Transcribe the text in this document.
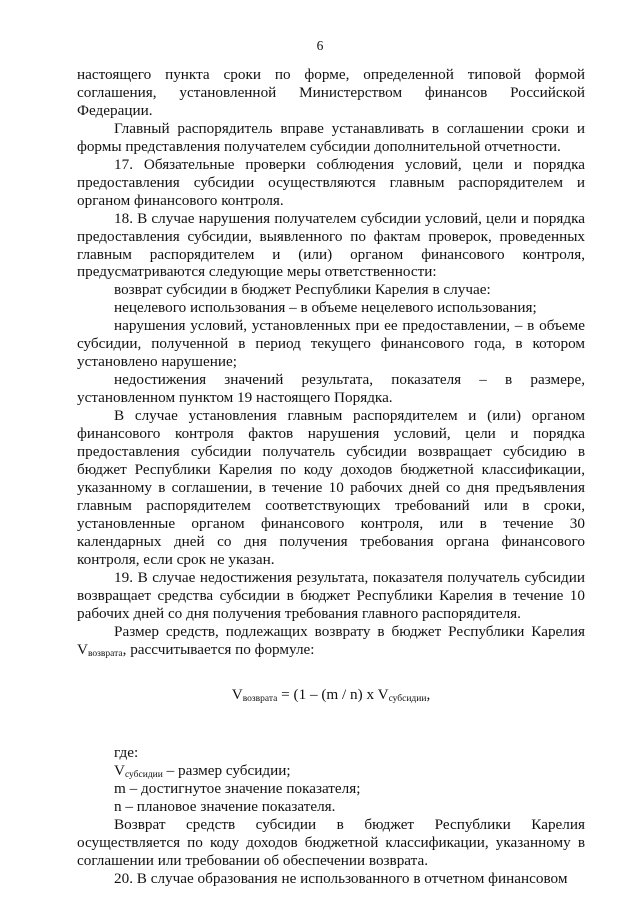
6

настоящего пункта сроки по форме, определенной типовой формой соглашения, установленной Министерством финансов Российской Федерации.

Главный распорядитель вправе устанавливать в соглашении сроки и формы представления получателем субсидии дополнительной отчетности.

17. Обязательные проверки соблюдения условий, цели и порядка предоставления субсидии осуществляются главным распорядителем и органом финансового контроля.

18. В случае нарушения получателем субсидии условий, цели и порядка предоставления субсидии, выявленного по фактам проверок, проведенных главным распорядителем и (или) органом финансового контроля, предусматриваются следующие меры ответственности:

возврат субсидии в бюджет Республики Карелия в случае:

нецелевого использования – в объеме нецелевого использования;

нарушения условий, установленных при ее предоставлении, – в объеме субсидии, полученной в период текущего финансового года, в котором установлено нарушение;

недостижения значений результата, показателя – в размере, установленном пунктом 19 настоящего Порядка.

В случае установления главным распорядителем и (или) органом финансового контроля фактов нарушения условий, цели и порядка предоставления субсидии получатель субсидии возвращает субсидию в бюджет Республики Карелия по коду доходов бюджетной классификации, указанному в соглашении, в течение 10 рабочих дней со дня предъявления главным распорядителем соответствующих требований или в сроки, установленные органом финансового контроля, или в течение 30 календарных дней со дня получения требования органа финансового контроля, если срок не указан.

19. В случае недостижения результата, показателя получатель субсидии возвращает средства субсидии в бюджет Республики Карелия в течение 10 рабочих дней со дня получения требования главного распорядителя.

Размер средств, подлежащих возврату в бюджет Республики Карелия $V_{возврата}$, рассчитывается по формуле:

$V_{возврата} = (1 - (m / n)$ x $V_{субсидии}$,

где:

$V_{субсидии}$ – размер субсидии;

m – достигнутое значение показателя;

n – плановое значение показателя.

Возврат средств субсидии в бюджет Республики Карелия осуществляется по коду доходов бюджетной классификации, указанному в соглашении или требовании об обеспечении возврата.

20. В случае образования не использованного в отчетном финансовом
